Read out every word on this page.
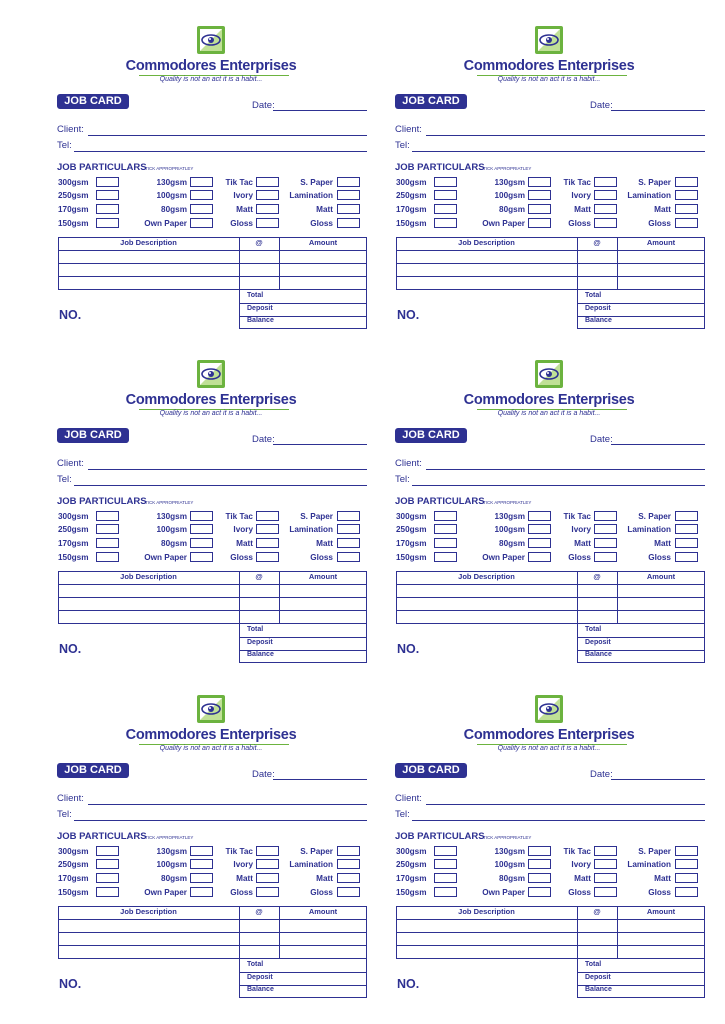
Commodores Enterprises
Quality is not an act it is a habit...
JOB CARD	Date:
Client:
Tel:
JOB PARTICULARS
TICK APPROPRIATLEY
300gsm	130gsm	Tik Tac	S. Paper
250gsm	100gsm	Ivory	Lamination
170gsm	80gsm	Matt	Matt
150gsm	Own Paper	Gloss	Gloss
Job Description	@	Amount
Total
Deposit
Balance
NO.
Commodores Enterprises
Quality is not an act it is a habit...
JOB CARD	Date:
Client:
Tel:
JOB PARTICULARS
TICK APPROPRIATLEY
300gsm	130gsm	Tik Tac	S. Paper
250gsm	100gsm	Ivory	Lamination
170gsm	80gsm	Matt	Matt
150gsm	Own Paper	Gloss	Gloss
Job Description	@	Amount
Total
Deposit
Balance
NO.
Commodores Enterprises
Quality is not an act it is a habit...
JOB CARD	Date:
Client:
Tel:
JOB PARTICULARS
TICK APPROPRIATLEY
300gsm	130gsm	Tik Tac	S. Paper
250gsm	100gsm	Ivory	Lamination
170gsm	80gsm	Matt	Matt
150gsm	Own Paper	Gloss	Gloss
Job Description	@	Amount
Total
Deposit
Balance
NO.
Commodores Enterprises
Quality is not an act it is a habit...
JOB CARD	Date:
Client:
Tel:
JOB PARTICULARS
TICK APPROPRIATLEY
300gsm	130gsm	Tik Tac	S. Paper
250gsm	100gsm	Ivory	Lamination
170gsm	80gsm	Matt	Matt
150gsm	Own Paper	Gloss	Gloss
Job Description	@	Amount
Total
Deposit
Balance
NO.
Commodores Enterprises
Quality is not an act it is a habit...
JOB CARD	Date:
Client:
Tel:
JOB PARTICULARS
TICK APPROPRIATLEY
300gsm	130gsm	Tik Tac	S. Paper
250gsm	100gsm	Ivory	Lamination
170gsm	80gsm	Matt	Matt
150gsm	Own Paper	Gloss	Gloss
Job Description	@	Amount
Total
Deposit
Balance
NO.
Commodores Enterprises
Quality is not an act it is a habit...
JOB CARD	Date:
Client:
Tel:
JOB PARTICULARS
TICK APPROPRIATLEY
300gsm	130gsm	Tik Tac	S. Paper
250gsm	100gsm	Ivory	Lamination
170gsm	80gsm	Matt	Matt
150gsm	Own Paper	Gloss	Gloss
Job Description	@	Amount
Total
Deposit
Balance
NO.
